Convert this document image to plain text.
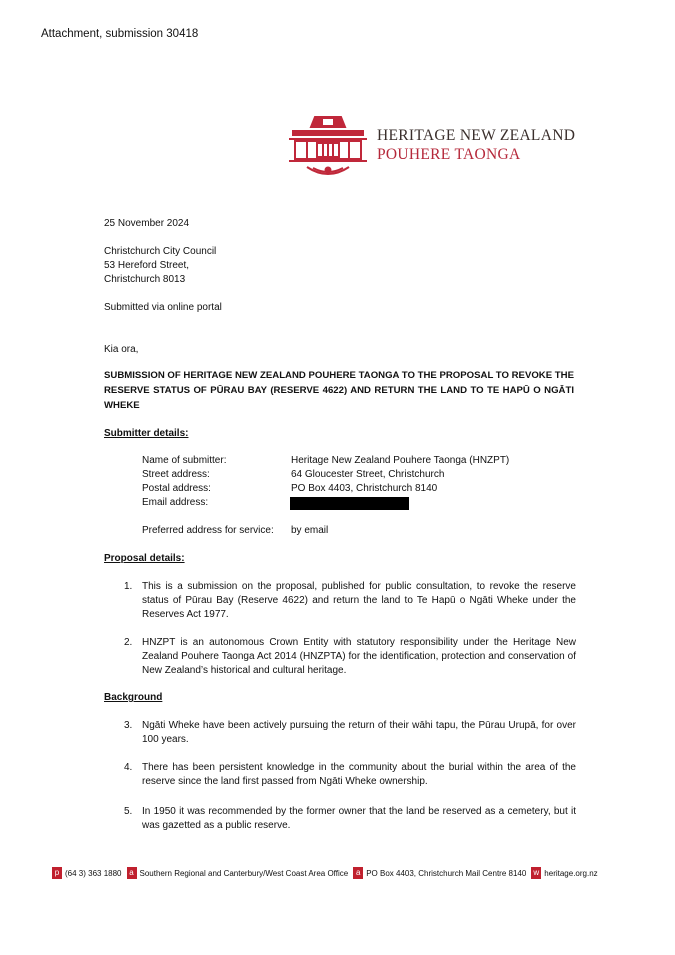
Attachment, submission 30418
HERITAGE NEW ZEALAND
POUHERE TAONGA
25 November 2024
Christchurch City Council
53 Hereford Street,
Christchurch 8013
Submitted via online portal
Kia ora,
SUBMISSION OF HERITAGE NEW ZEALAND POUHERE TAONGA TO THE PROPOSAL TO REVOKE THE RESERVE STATUS OF PŪRAU BAY (RESERVE 4622) AND RETURN THE LAND TO TE HAPŪ O NGĀTI WHEKE
Submitter details:
Name of submitter:	Heritage New Zealand Pouhere Taonga (HNZPT)
Street address:	64 Gloucester Street, Christchurch
Postal address:	PO Box 4403, Christchurch 8140
Email address:
Preferred address for service: by email
Proposal details:
1. This is a submission on the proposal, published for public consultation, to revoke the reserve status of Pūrau Bay (Reserve 4622) and return the land to Te Hapū o Ngāti Wheke under the Reserves Act 1977.
2. HNZPT is an autonomous Crown Entity with statutory responsibility under the Heritage New Zealand Pouhere Taonga Act 2014 (HNZPTA) for the identification, protection and conservation of New Zealand’s historical and cultural heritage.
Background
3. Ngāti Wheke have been actively pursuing the return of their wāhi tapu, the Pūrau Urupā, for over 100 years.
4. There has been persistent knowledge in the community about the burial within the area of the reserve since the land first passed from Ngāti Wheke ownership.
5. In 1950 it was recommended by the former owner that the land be reserved as a cemetery, but it was gazetted as a public reserve.
p (64 3) 363 1880 a Southern Regional and Canterbury/West Coast Area Office a PO Box 4403, Christchurch Mail Centre 8140 w heritage.org.nz
